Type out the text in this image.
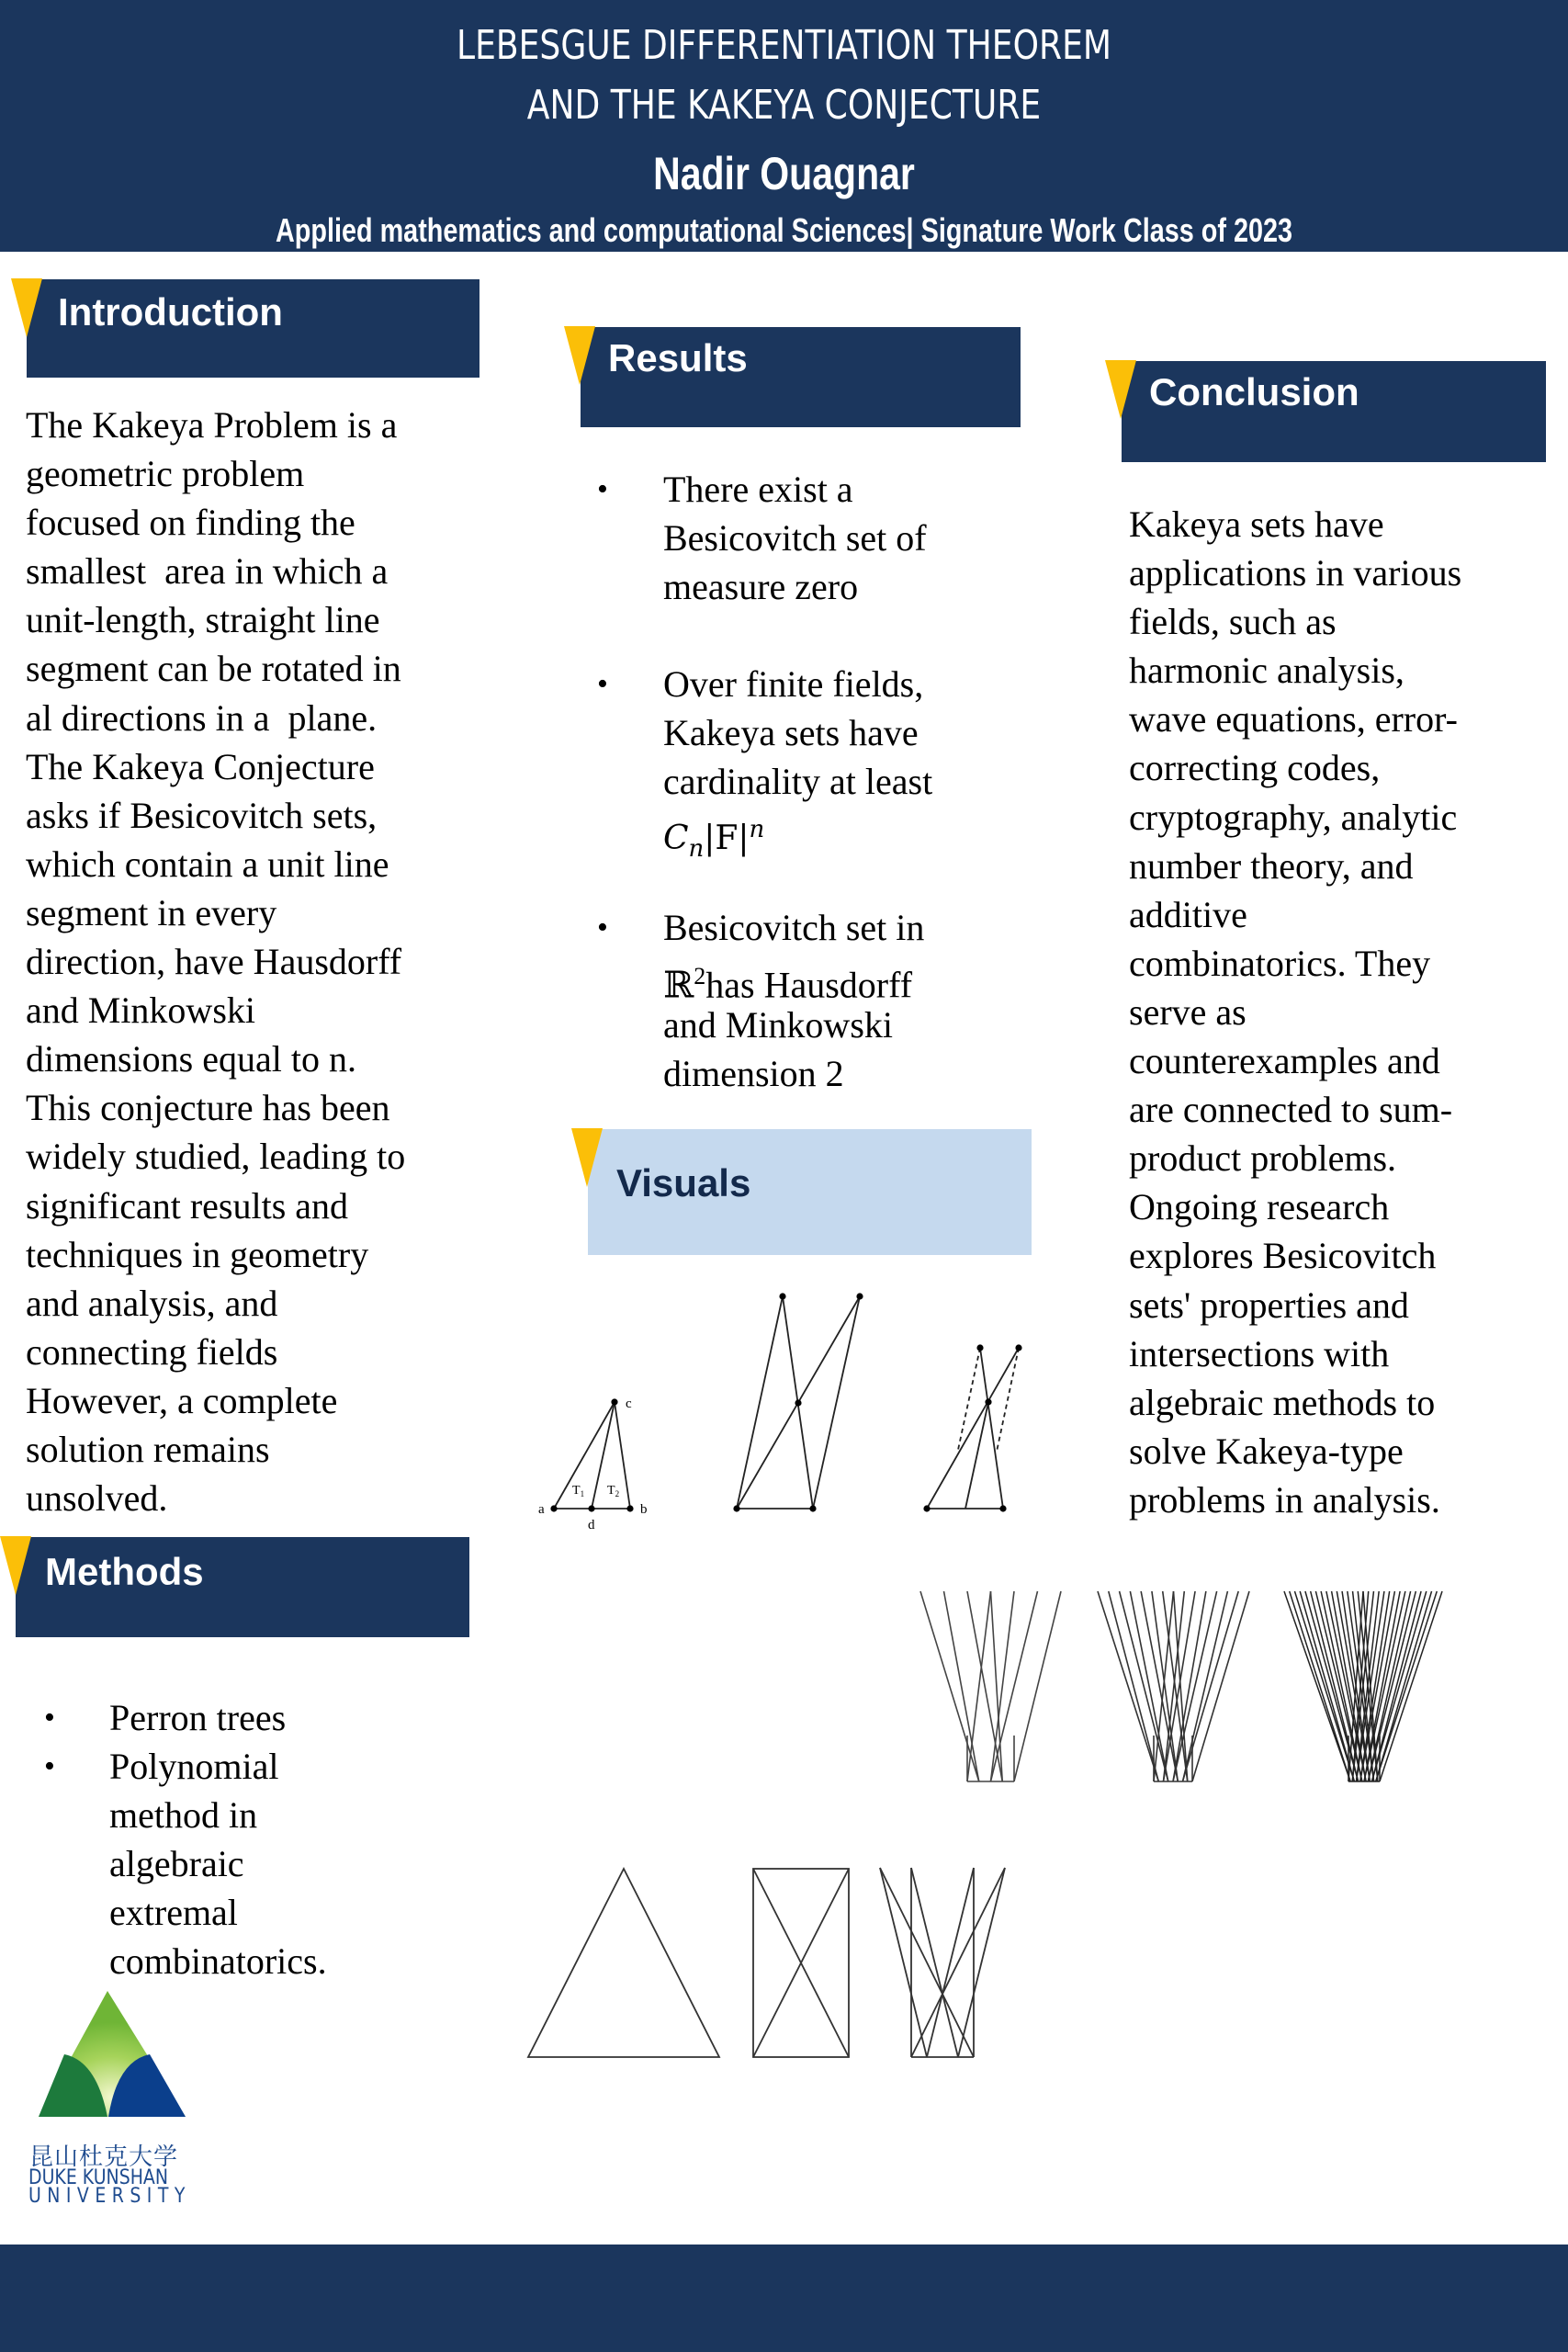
LEBESGUE DIFFERENTIATION THEOREM
AND THE KAKEYA CONJECTURE
Nadir Ouagnar
Applied mathematics and computational Sciences| Signature Work Class of 2023
Introduction
The Kakeya Problem is a
geometric problem
focused on finding the
smallest  area in which a
unit-length, straight line
segment can be rotated in
al directions in a  plane.
The Kakeya Conjecture
asks if Besicovitch sets,
which contain a unit line
segment in every
direction, have Hausdorff
and Minkowski
dimensions equal to n.
This conjecture has been
widely studied, leading to
significant results and
techniques in geometry
and analysis, and
connecting fields
However, a complete
solution remains
unsolved.
Methods
• Perron trees
• Polynomial
method in
algebraic
extremal
combinatorics.
昆山杜克大学
DUKE KUNSHAN
UNIVERSITY
Results
• There exist a
Besicovitch set of
measure zero
• Over finite fields,
Kakeya sets have
cardinality at least
$C_n|F|^n$
• Besicovitch set in
ℝ$^2$has Hausdorff
and Minkowski
dimension 2
Visuals
a	b
c
d
$T_1$ $T_2$
Conclusion
Kakeya sets have
applications in various
fields, such as
harmonic analysis,
wave equations, error-
correcting codes,
cryptography, analytic
number theory, and
additive
combinatorics. They
serve as
counterexamples and
are connected to sum-
product problems.
Ongoing research
explores Besicovitch
sets' properties and
intersections with
algebraic methods to
solve Kakeya-type
problems in analysis.
